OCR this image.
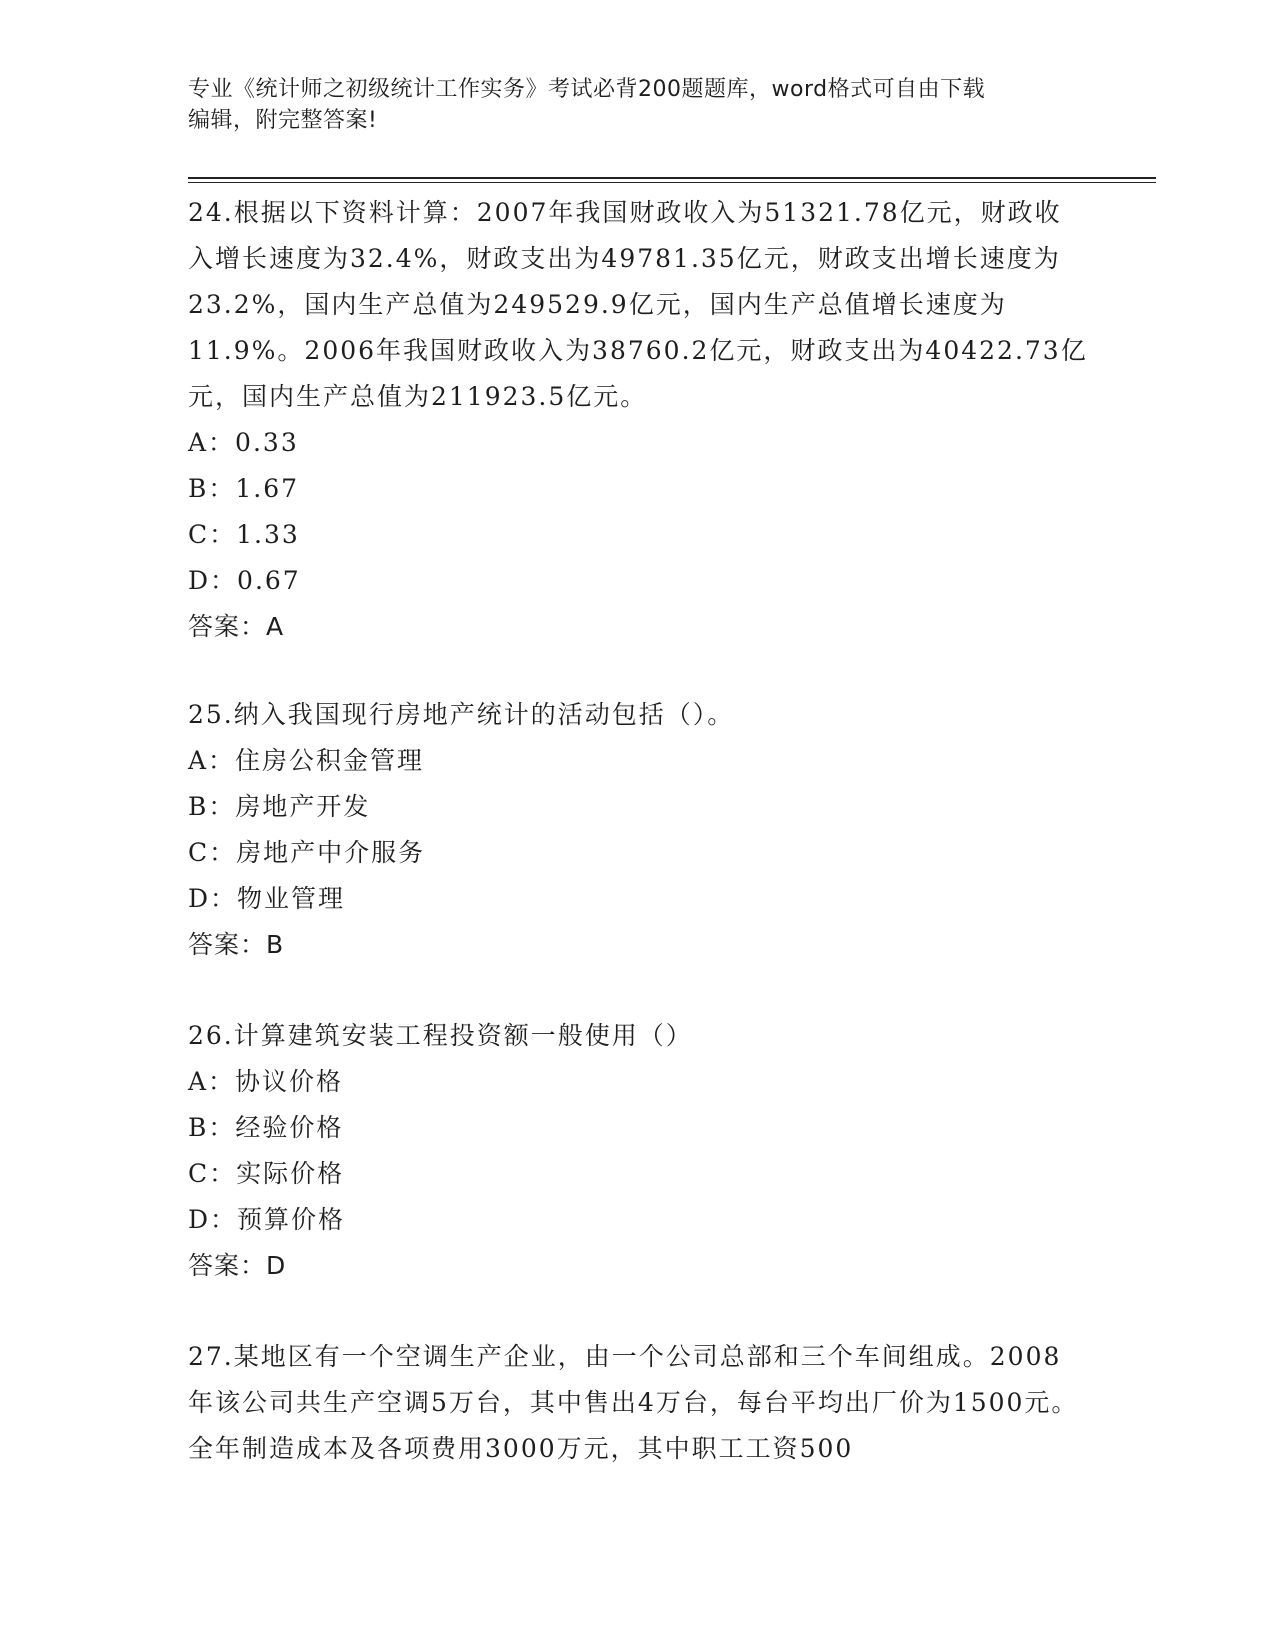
专业《统计师之初级统计工作实务》考试必背200题题库，word格式可自由下载
编辑，附完整答案!

24.根据以下资料计算：2007年我国财政收入为51321.78亿元，财政收入增长速度为32.4%，财政支出为49781.35亿元，财政支出增长速度为23.2%，国内生产总值为249529.9亿元，国内生产总值增长速度为11.9%。2006年我国财政收入为38760.2亿元，财政支出为40422.73亿元，国内生产总值为211923.5亿元。

A：0.33

B：1.67

C：1.33

D：0.67

答案：A

25.纳入我国现行房地产统计的活动包括（）。

A：住房公积金管理

B：房地产开发

C：房地产中介服务

D：物业管理

答案：B

26.计算建筑安装工程投资额一般使用（）

A：协议价格

B：经验价格

C：实际价格

D：预算价格

答案：D

27.某地区有一个空调生产企业，由一个公司总部和三个车间组成。2008年该公司共生产空调5万台，其中售出4万台，每台平均出厂价为1500元。全年制造成本及各项费用3000万元，其中职工工资500
